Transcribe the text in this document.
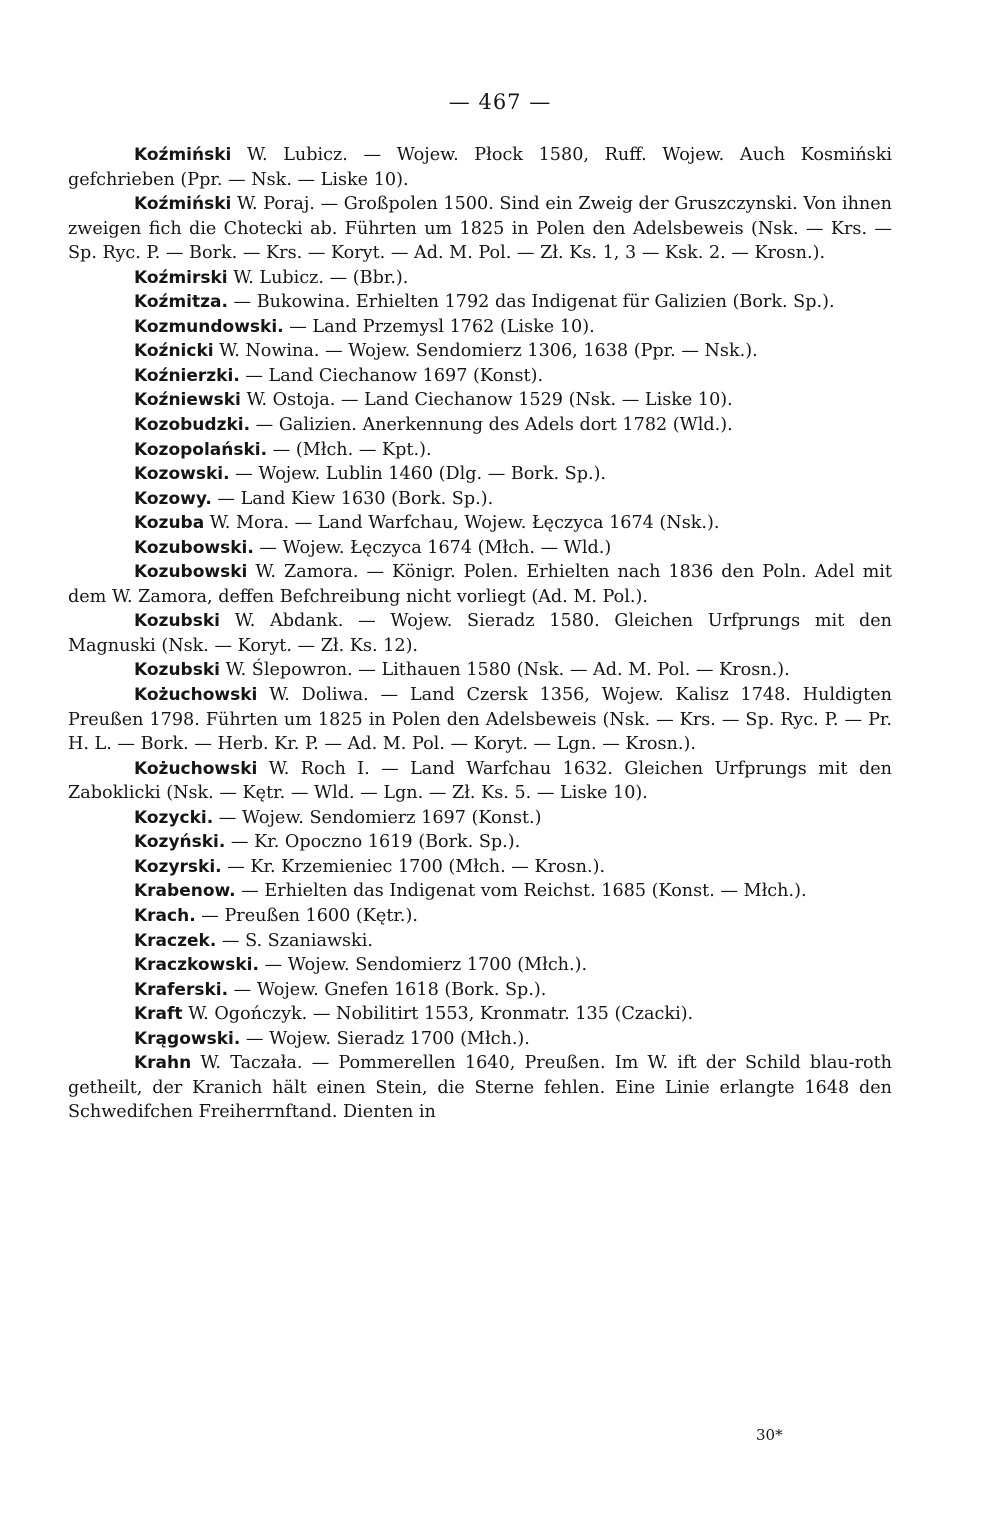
— 467 —

Koźmiński W. Lubicz. — Wojew. Płock 1580, Ruff. Wojew. Auch Kosmiński gefchrieben (Ppr. — Nsk. — Liske 10).

Koźmiński W. Poraj. — Großpolen 1500. Sind ein Zweig der Gruszczynski. Von ihnen zweigen fich die Chotecki ab. Führten um 1825 in Polen den Adelsbeweis (Nsk. — Krs. — Sp. Ryc. P. — Bork. — Krs. — Koryt. — Ad. M. Pol. — Zł. Ks. 1, 3 — Ksk. 2. — Krosn.).

Koźmirski W. Lubicz. — (Bbr.).

Koźmitza. — Bukowina. Erhielten 1792 das Indigenat für Galizien (Bork. Sp.).

Kozmundowski. — Land Przemysl 1762 (Liske 10).

Koźnicki W. Nowina. — Wojew. Sendomierz 1306, 1638 (Ppr. — Nsk.).

Koźnierzki. — Land Ciechanow 1697 (Konst).

Koźniewski W. Ostoja. — Land Ciechanow 1529 (Nsk. — Liske 10).

Kozobudzki. — Galizien. Anerkennung des Adels dort 1782 (Wld.).

Kozopolański. — (Młch. — Kpt.).

Kozowski. — Wojew. Lublin 1460 (Dlg. — Bork. Sp.).

Kozowy. — Land Kiew 1630 (Bork. Sp.).

Kozuba W. Mora. — Land Warfchau, Wojew. Łęczyca 1674 (Nsk.).

Kozubowski. — Wojew. Łęczyca 1674 (Młch. — Wld.)

Kozubowski W. Zamora. — Königr. Polen. Erhielten nach 1836 den Poln. Adel mit dem W. Zamora, deffen Befchreibung nicht vorliegt (Ad. M. Pol.).

Kozubski W. Abdank. — Wojew. Sieradz 1580. Gleichen Urfprungs mit den Magnuski (Nsk. — Koryt. — Zł. Ks. 12).

Kozubski W. Ślepowron. — Lithauen 1580 (Nsk. — Ad. M. Pol. — Krosn.).

Kożuchowski W. Doliwa. — Land Czersk 1356, Wojew. Kalisz 1748. Huldigten Preußen 1798. Führten um 1825 in Polen den Adelsbeweis (Nsk. — Krs. — Sp. Ryc. P. — Pr. H. L. — Bork. — Herb. Kr. P. — Ad. M. Pol. — Koryt. — Lgn. — Krosn.).

Kożuchowski W. Roch I. — Land Warfchau 1632. Gleichen Urfprungs mit den Zaboklicki (Nsk. — Kętr. — Wld. — Lgn. — Zł. Ks. 5. — Liske 10).

Kozycki. — Wojew. Sendomierz 1697 (Konst.)

Kozyński. — Kr. Opoczno 1619 (Bork. Sp.).

Kozyrski. — Kr. Krzemieniec 1700 (Młch. — Krosn.).

Krabenow. — Erhielten das Indigenat vom Reichst. 1685 (Konst. — Młch.).

Krach. — Preußen 1600 (Kętr.).

Kraczek. — S. Szaniawski.

Kraczkowski. — Wojew. Sendomierz 1700 (Młch.).

Kraferski. — Wojew. Gnefen 1618 (Bork. Sp.).

Kraft W. Ogończyk. — Nobilitirt 1553, Kronmatr. 135 (Czacki).

Krągowski. — Wojew. Sieradz 1700 (Młch.).

Krahn W. Taczała. — Pommerellen 1640, Preußen. Im W. ift der Schild blau-roth getheilt, der Kranich hält einen Stein, die Sterne fehlen. Eine Linie erlangte 1648 den Schwedifchen Freiherrnftand. Dienten in

30*
